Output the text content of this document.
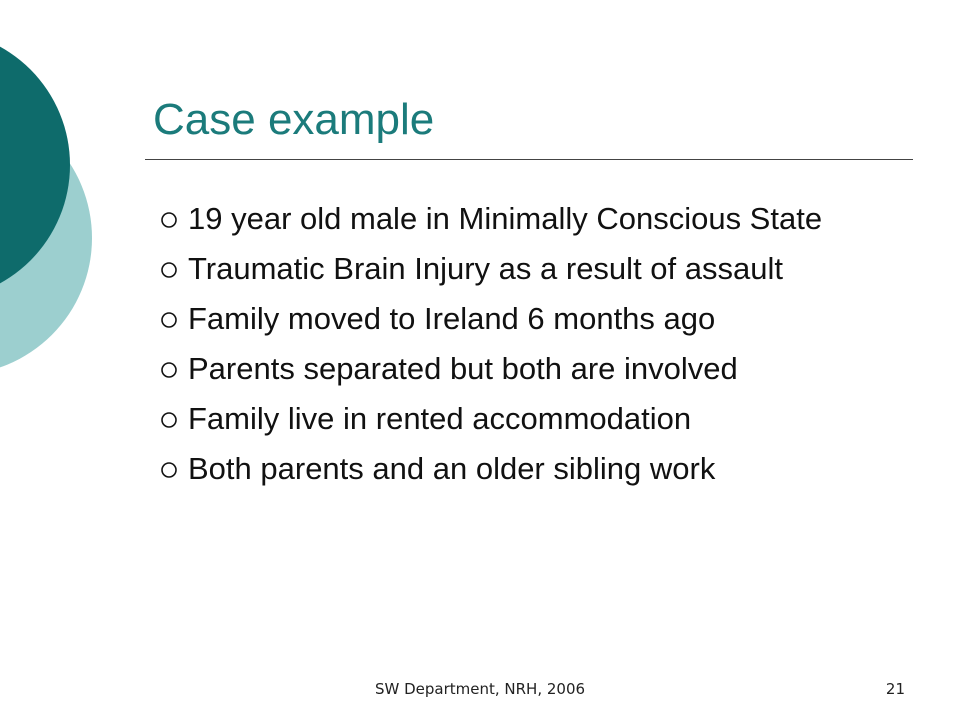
Case example
19 year old male in Minimally Conscious State
Traumatic Brain Injury as a result of assault
Family moved to Ireland 6 months ago
Parents separated but both are involved
Family live in rented accommodation
Both parents and an older sibling work
SW Department, NRH, 2006	21
